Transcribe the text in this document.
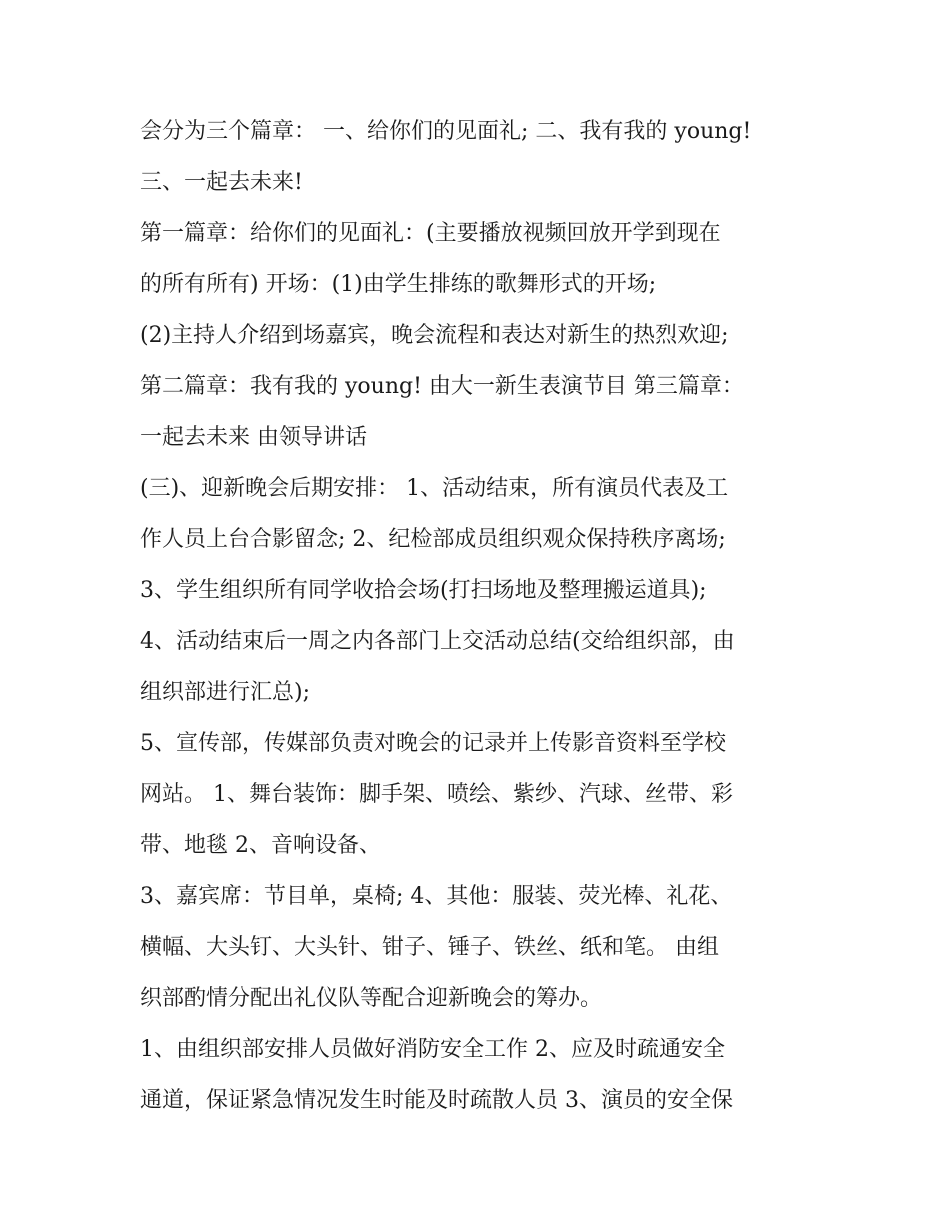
会分为三个篇章： 一、给你们的见面礼; 二、我有我的 young!
三、一起去未来!
第一篇章：给你们的见面礼：(主要播放视频回放开学到现在
的所有所有) 开场：(1)由学生排练的歌舞形式的开场;
(2)主持人介绍到场嘉宾，晚会流程和表达对新生的热烈欢迎;
第二篇章：我有我的 young! 由大一新生表演节目 第三篇章：
一起去未来 由领导讲话
(三)、迎新晚会后期安排： 1、活动结束，所有演员代表及工
作人员上台合影留念; 2、纪检部成员组织观众保持秩序离场;
3、学生组织所有同学收拾会场(打扫场地及整理搬运道具);
4、活动结束后一周之内各部门上交活动总结(交给组织部，由
组织部进行汇总);
5、宣传部，传媒部负责对晚会的记录并上传影音资料至学校
网站。 1、舞台装饰：脚手架、喷绘、紫纱、汽球、丝带、彩
带、地毯 2、音响设备、
3、嘉宾席：节目单，桌椅; 4、其他：服装、荧光棒、礼花、
横幅、大头钉、大头针、钳子、锤子、铁丝、纸和笔。 由组
织部酌情分配出礼仪队等配合迎新晚会的筹办。
1、由组织部安排人员做好消防安全工作 2、应及时疏通安全
通道，保证紧急情况发生时能及时疏散人员 3、演员的安全保
